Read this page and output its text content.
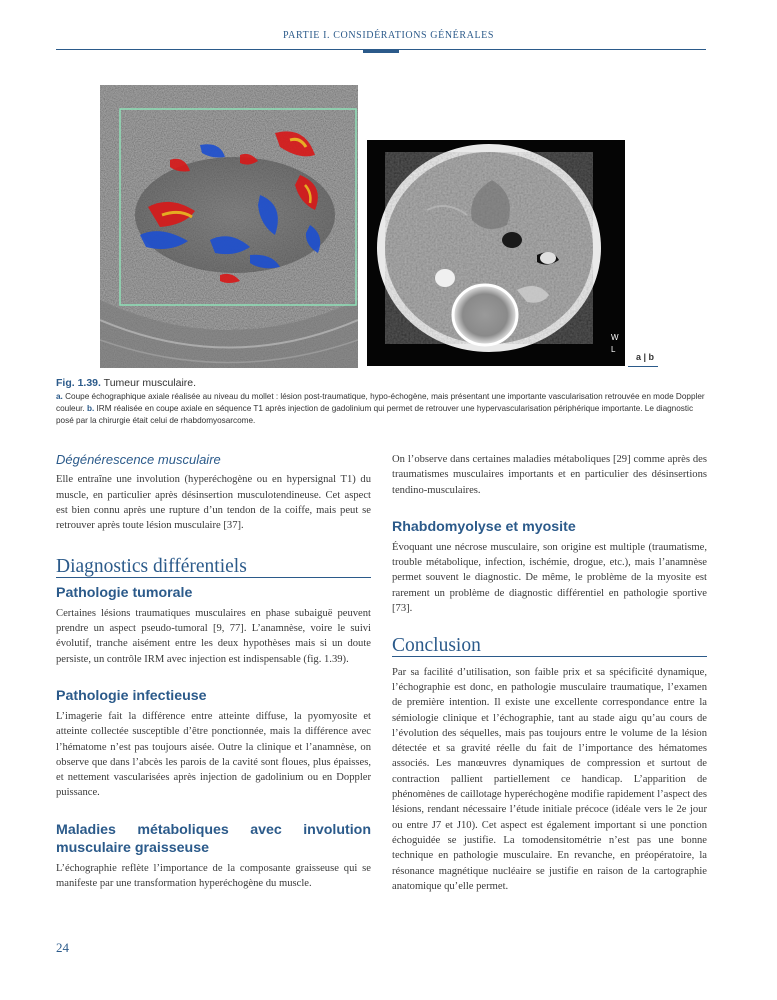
PARTIE I. CONSIDÉRATIONS GÉNÉRALES
W
L
a | b
Fig. 1.39. Tumeur musculaire.
a. Coupe échographique axiale réalisée au niveau du mollet : lésion post-traumatique, hypo-échogène, mais présentant une importante vascularisation retrouvée en mode Doppler couleur. b. IRM réalisée en coupe axiale en séquence T1 après injection de gadolinium qui permet de retrouver une hypervascularisation périphérique importante. Le diagnostic posé par la chirurgie était celui de rhabdomyosarcome.
Dégénérescence musculaire

Elle entraîne une involution (hyperéchogène ou en hypersignal T1) du muscle, en particulier après désinsertion musculotendineuse. Cet aspect est bien connu après une rupture d’un tendon de la coiffe, mais peut se retrouver après toute lésion musculaire [37].

Diagnostics différentiels
Pathologie tumorale

Certaines lésions traumatiques musculaires en phase subaiguë peuvent prendre un aspect pseudo-tumoral [9, 77]. L’anamnèse, voire le suivi évolutif, tranche aisément entre les deux hypothèses mais si un doute persiste, un contrôle IRM avec injection est indispensable (fig. 1.39).

Pathologie infectieuse

L’imagerie fait la différence entre atteinte diffuse, la pyomyosite et atteinte collectée susceptible d’être ponctionnée, mais la différence avec l’hématome n’est pas toujours aisée. Outre la clinique et l’anamnèse, on observe que dans l’abcès les parois de la cavité sont floues, plus épaisses, et nettement vascularisées après injection de gadolinium ou en Doppler puissance.

Maladies métaboliques avec involution musculaire graisseuse

L’échographie reflète l’importance de la composante graisseuse qui se manifeste par une transformation hyperéchogène du muscle.

On l’observe dans certaines maladies métaboliques [29] comme après des traumatismes musculaires importants et en particulier des désinsertions tendino-musculaires.

Rhabdomyolyse et myosite

Évoquant une nécrose musculaire, son origine est multiple (traumatisme, trouble métabolique, infection, ischémie, drogue, etc.), mais l’anamnèse permet souvent le diagnostic. De même, le problème de la myosite est rarement un problème de diagnostic différentiel en pathologie sportive [73].

Conclusion

Par sa facilité d’utilisation, son faible prix et sa spécificité dynamique, l’échographie est donc, en pathologie musculaire traumatique, l’examen de première intention. Il existe une excellente correspondance entre la sémiologie clinique et l’échographie, tant au stade aigu qu’au cours de l’évolution des séquelles, mais pas toujours entre le volume de la lésion détectée et sa gravité réelle du fait de l’importance des hématomes associés. Les manœuvres dynamiques de compression et surtout de contraction pallient partiellement ce handicap. L’apparition de phénomènes de caillotage hyperéchogène modifie rapidement l’aspect des lésions, rendant nécessaire l’étude initiale précoce (idéale vers le 2e jour ou entre J7 et J10). Cet aspect est également important si une ponction échoguidée se justifie. La tomodensitométrie n’est pas une bonne technique en pathologie musculaire. En revanche, en préopératoire, la résonance magnétique nucléaire se justifie en raison de la cartographie anatomique qu’elle permet.

24
